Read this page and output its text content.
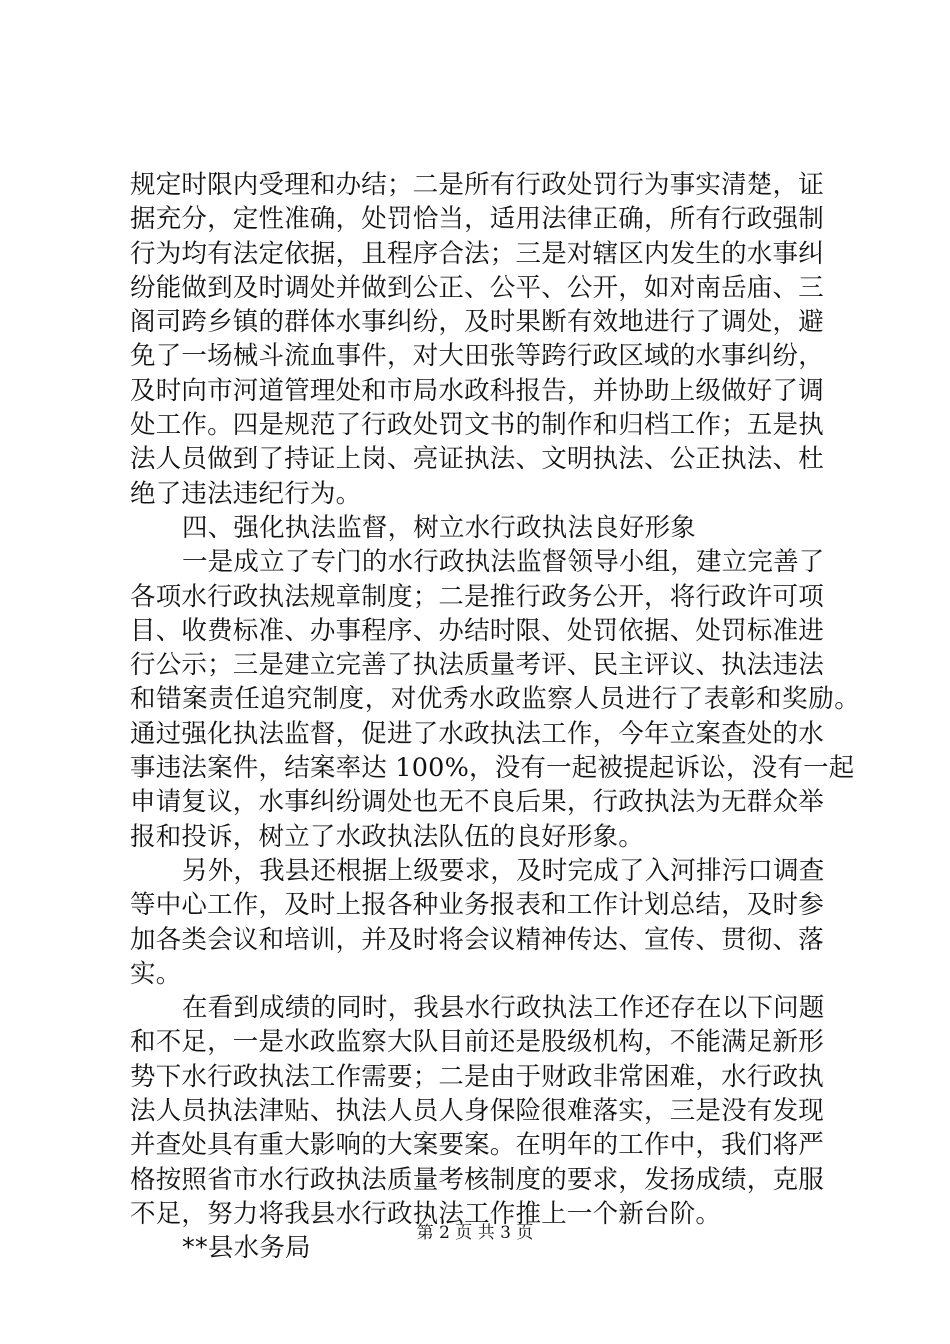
规定时限内受理和办结；二是所有行政处罚行为事实清楚，证
据充分，定性准确，处罚恰当，适用法律正确，所有行政强制
行为均有法定依据，且程序合法；三是对辖区内发生的水事纠
纷能做到及时调处并做到公正、公平、公开，如对南岳庙、三
阁司跨乡镇的群体水事纠纷，及时果断有效地进行了调处，避
免了一场械斗流血事件，对大田张等跨行政区域的水事纠纷，
及时向市河道管理处和市局水政科报告，并协助上级做好了调
处工作。四是规范了行政处罚文书的制作和归档工作；五是执
法人员做到了持证上岗、亮证执法、文明执法、公正执法、杜
绝了违法违纪行为。
四、强化执法监督，树立水行政执法良好形象
一是成立了专门的水行政执法监督领导小组，建立完善了
各项水行政执法规章制度；二是推行政务公开，将行政许可项
目、收费标准、办事程序、办结时限、处罚依据、处罚标准进
行公示；三是建立完善了执法质量考评、民主评议、执法违法
和错案责任追究制度，对优秀水政监察人员进行了表彰和奖励。
通过强化执法监督，促进了水政执法工作，今年立案查处的水
事违法案件，结案率达 100%，没有一起被提起诉讼，没有一起
申请复议，水事纠纷调处也无不良后果，行政执法为无群众举
报和投诉，树立了水政执法队伍的良好形象。
另外，我县还根据上级要求，及时完成了入河排污口调查
等中心工作，及时上报各种业务报表和工作计划总结，及时参
加各类会议和培训，并及时将会议精神传达、宣传、贯彻、落
实。
在看到成绩的同时，我县水行政执法工作还存在以下问题
和不足，一是水政监察大队目前还是股级机构，不能满足新形
势下水行政执法工作需要；二是由于财政非常困难，水行政执
法人员执法津贴、执法人员人身保险很难落实，三是没有发现
并查处具有重大影响的大案要案。在明年的工作中，我们将严
格按照省市水行政执法质量考核制度的要求，发扬成绩，克服
不足，努力将我县水行政执法工作推上一个新台阶。
**县水务局
第 2 页 共 3 页
